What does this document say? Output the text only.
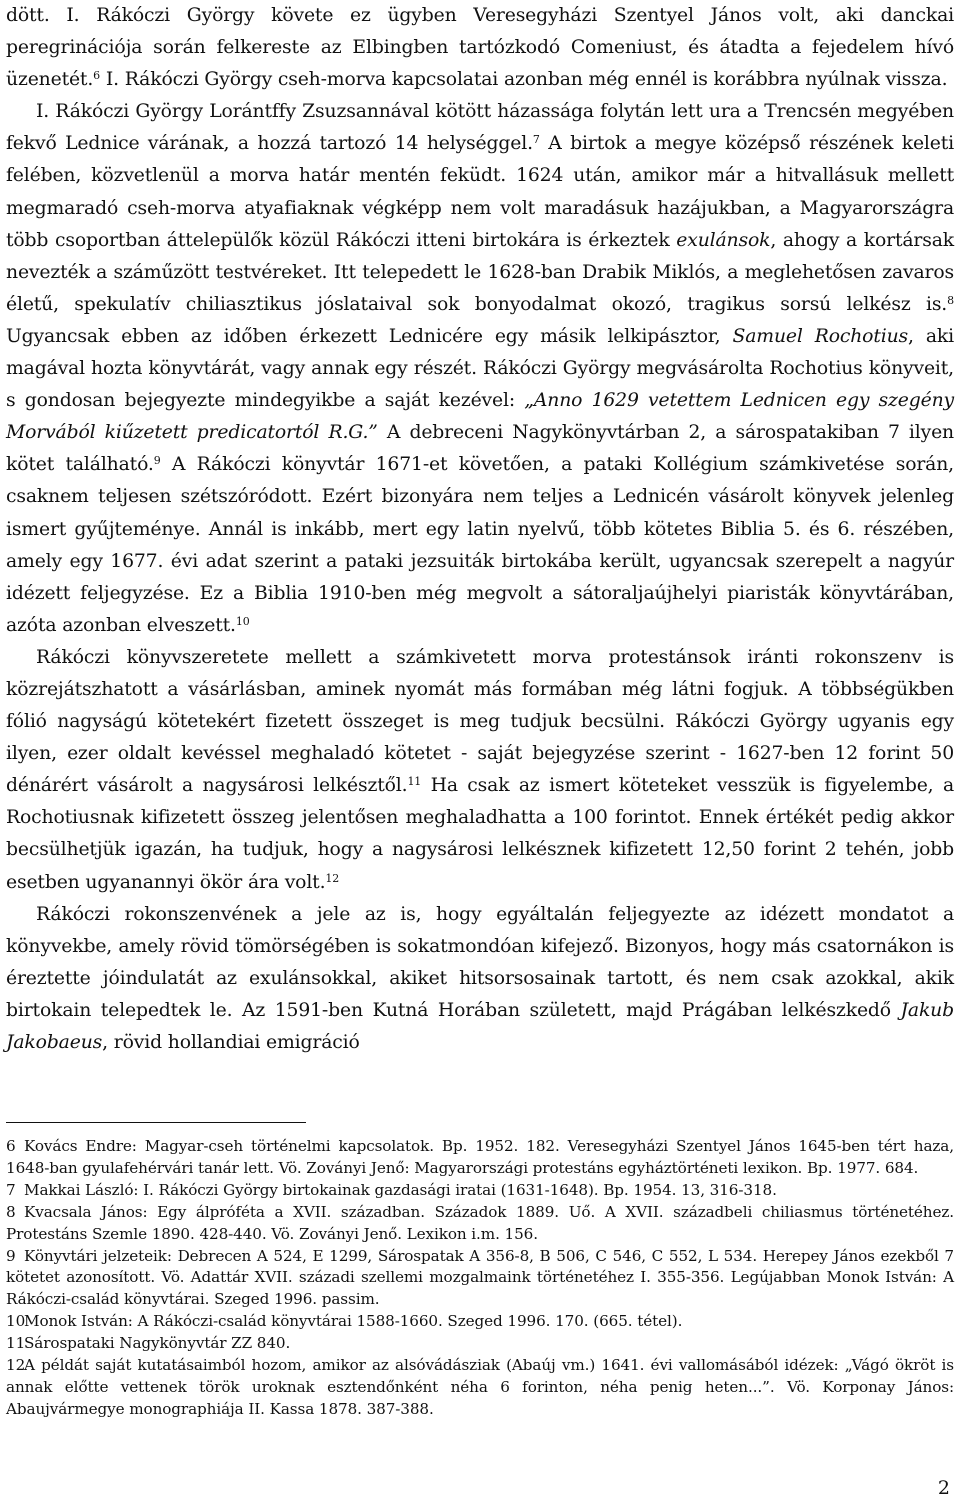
dött. I. Rákóczi György követe ez ügyben Veresegyházi Szentyel János volt, aki danckai peregrinációja során felkereste az Elbingben tartózkodó Comeniust, és átadta a fejedelem hívó üzenetét.$^6$ I. Rákóczi György cseh-morva kapcsolatai azonban még ennél is korábbra nyúlnak vissza.

I. Rákóczi György Lorántffy Zsuzsannával kötött házassága folytán lett ura a Trencsén megyében fekvő Lednice várának, a hozzá tartozó 14 helységgel.$^7$ A birtok a megye középső részének keleti felében, közvetlenül a morva határ mentén feküdt. 1624 után, amikor már a hitvallásuk mellett megmaradó cseh-morva atyafiaknak végképp nem volt maradásuk hazájukban, a Magyarországra több csoportban áttelepülők közül Rákóczi itteni birtokára is érkeztek exulánsok, ahogy a kortársak nevezték a száműzött testvéreket. Itt telepedett le 1628-ban Drabik Miklós, a meglehetősen zavaros életű, spekulatív chiliasztikus jóslataival sok bonyodalmat okozó, tragikus sorsú lelkész is.$^8$ Ugyancsak ebben az időben érkezett Lednicére egy másik lelkipásztor, Samuel Rochotius, aki magával hozta könyvtárát, vagy annak egy részét. Rákóczi György megvásárolta Rochotius könyveit, s gondosan bejegyezte mindegyikbe a saját kezével: „Anno 1629 vetettem Lednicen egy szegény Morvából kiűzetett predicatortól R.G.” A debreceni Nagykönyvtárban 2, a sárospatakiban 7 ilyen kötet található.$^9$ A Rákóczi könyvtár 1671-et követően, a pataki Kollégium számkivetése során, csaknem teljesen szétszóródott. Ezért bizonyára nem teljes a Lednicén vásárolt könyvek jelenleg ismert gyűjteménye. Annál is inkább, mert egy latin nyelvű, több kötetes Biblia 5. és 6. részében, amely egy 1677. évi adat szerint a pataki jezsuiták birtokába került, ugyancsak szerepelt a nagyúr idézett feljegyzése. Ez a Biblia 1910-ben még megvolt a sátoraljaújhelyi piaristák könyvtárában, azóta azonban elveszett.$^{10}$

Rákóczi könyvszeretete mellett a számkivetett morva protestánsok iránti rokonszenv is közrejátszhatott a vásárlásban, aminek nyomát más formában még látni fogjuk. A többségükben fólió nagyságú kötetekért fizetett összeget is meg tudjuk becsülni. Rákóczi György ugyanis egy ilyen, ezer oldalt kevéssel meghaladó kötetet - saját bejegyzése szerint - 1627-ben 12 forint 50 dénárért vásárolt a nagysárosi lelkésztől.$^{11}$ Ha csak az ismert köteteket vesszük is figyelembe, a Rochotiusnak kifizetett összeg jelentősen meghaladhatta a 100 forintot. Ennek értékét pedig akkor becsülhetjük igazán, ha tudjuk, hogy a nagysárosi lelkésznek kifizetett 12,50 forint 2 tehén, jobb esetben ugyanannyi ökör ára volt.$^{12}$

Rákóczi rokonszenvének a jele az is, hogy egyáltalán feljegyezte az idézett mondatot a könyvekbe, amely rövid tömörségében is sokatmondóan kifejező. Bizonyos, hogy más csatornákon is éreztette jóindulatát az exulánsokkal, akiket hitsorsosainak tartott, és nem csak azokkal, akik birtokain telepedtek le. Az 1591-ben Kutná Horában született, majd Prágában lelkészkedő Jakub Jakobaeus, rövid hollandiai emigráció

6 Kovács Endre: Magyar-cseh történelmi kapcsolatok. Bp. 1952. 182. Veresegyházi Szentyel János 1645-ben tért haza, 1648-ban gyulafehérvári tanár lett. Vö. Zoványi Jenő: Magyarországi protestáns egyháztörténeti lexikon. Bp. 1977. 684.

7 Makkai László: I. Rákóczi György birtokainak gazdasági iratai (1631-1648). Bp. 1954. 13, 316-318.

8 Kvacsala János: Egy álpróféta a XVII. században. Századok 1889. Uő. A XVII. századbeli chiliasmus történetéhez. Protestáns Szemle 1890. 428-440. Vö. Zoványi Jenő. Lexikon i.m. 156.

9 Könyvtári jelzeteik: Debrecen A 524, E 1299, Sárospatak A 356-8, B 506, C 546, C 552, L 534. Herepey János ezekből 7 kötetet azonosított. Vö. Adattár XVII. századi szellemi mozgalmaink történetéhez I. 355-356. Legújabban Monok István: A Rákóczi-család könyvtárai. Szeged 1996. passim.

10Monok István: A Rákóczi-család könyvtárai 1588-1660. Szeged 1996. 170. (665. tétel).

11Sárospataki Nagykönyvtár ZZ 840.

12A példát saját kutatásaimból hozom, amikor az alsóvádásziak (Abaúj vm.) 1641. évi vallomásából idézek: „Vágó ökröt is annak előtte vettenek török uroknak esztendőnként néha 6 forinton, néha penig heten...”. Vö. Korponay János: Abaujvármegye monographiája II. Kassa 1878. 387-388.

2
